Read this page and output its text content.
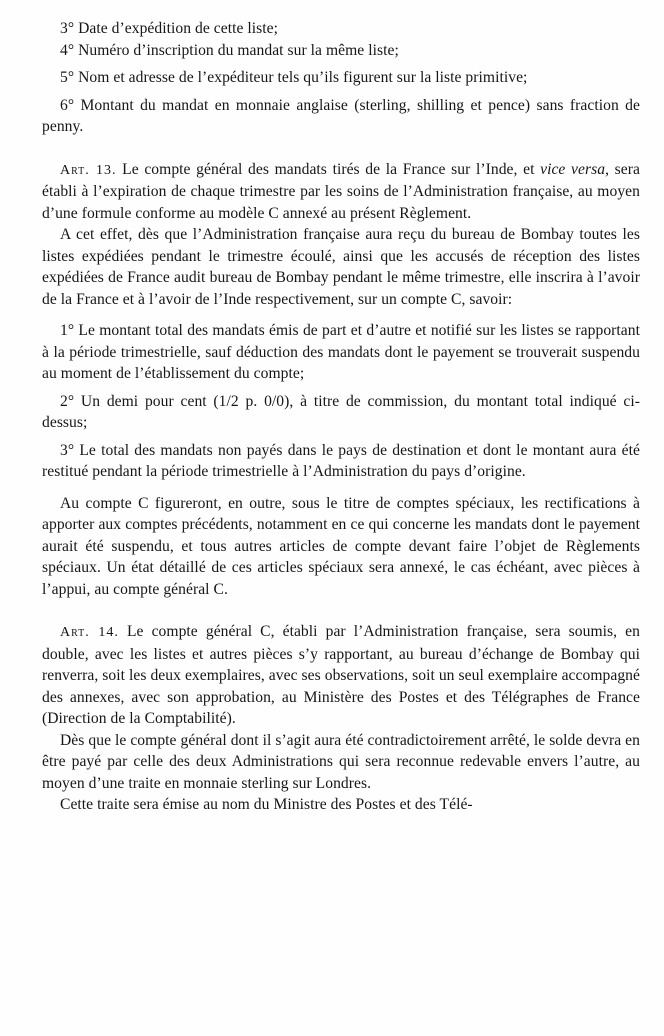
3° Date d’expédition de cette liste;

4° Numéro d’inscription du mandat sur la même liste;

5° Nom et adresse de l’expéditeur tels qu’ils figurent sur la liste primitive;

6° Montant du mandat en monnaie anglaise (sterling, shilling et pence) sans fraction de penny.

Art. 13. Le compte général des mandats tirés de la France sur l’Inde, et vice versa, sera établi à l’expiration de chaque trimestre par les soins de l’Administration française, au moyen d’une formule conforme au modèle C annexé au présent Règlement.

A cet effet, dès que l’Administration française aura reçu du bureau de Bombay toutes les listes expédiées pendant le trimestre écoulé, ainsi que les accusés de réception des listes expédiées de France audit bureau de Bombay pendant le même trimestre, elle inscrira à l’avoir de la France et à l’avoir de l’Inde respectivement, sur un compte C, savoir:

1° Le montant total des mandats émis de part et d’autre et notifié sur les listes se rapportant à la période trimestrielle, sauf déduction des mandats dont le payement se trouverait suspendu au moment de l’établissement du compte;

2° Un demi pour cent (1/2 p. 0/0), à titre de commission, du montant total indiqué ci-dessus;

3° Le total des mandats non payés dans le pays de destination et dont le montant aura été restitué pendant la période trimestrielle à l’Administration du pays d’origine.

Au compte C figureront, en outre, sous le titre de comptes spéciaux, les rectifications à apporter aux comptes précédents, notamment en ce qui concerne les mandats dont le payement aurait été suspendu, et tous autres articles de compte devant faire l’objet de Règlements spéciaux. Un état détaillé de ces articles spéciaux sera annexé, le cas échéant, avec pièces à l’appui, au compte général C.

Art. 14. Le compte général C, établi par l’Administration française, sera soumis, en double, avec les listes et autres pièces s’y rapportant, au bureau d’échange de Bombay qui renverra, soit les deux exemplaires, avec ses observations, soit un seul exemplaire accompagné des annexes, avec son approbation, au Ministère des Postes et des Télégraphes de France (Direction de la Comptabilité).

Dès que le compte général dont il s’agit aura été contradictoirement arrêté, le solde devra en être payé par celle des deux Administrations qui sera reconnue redevable envers l’autre, au moyen d’une traite en monnaie sterling sur Londres.

Cette traite sera émise au nom du Ministre des Postes et des Télé-
